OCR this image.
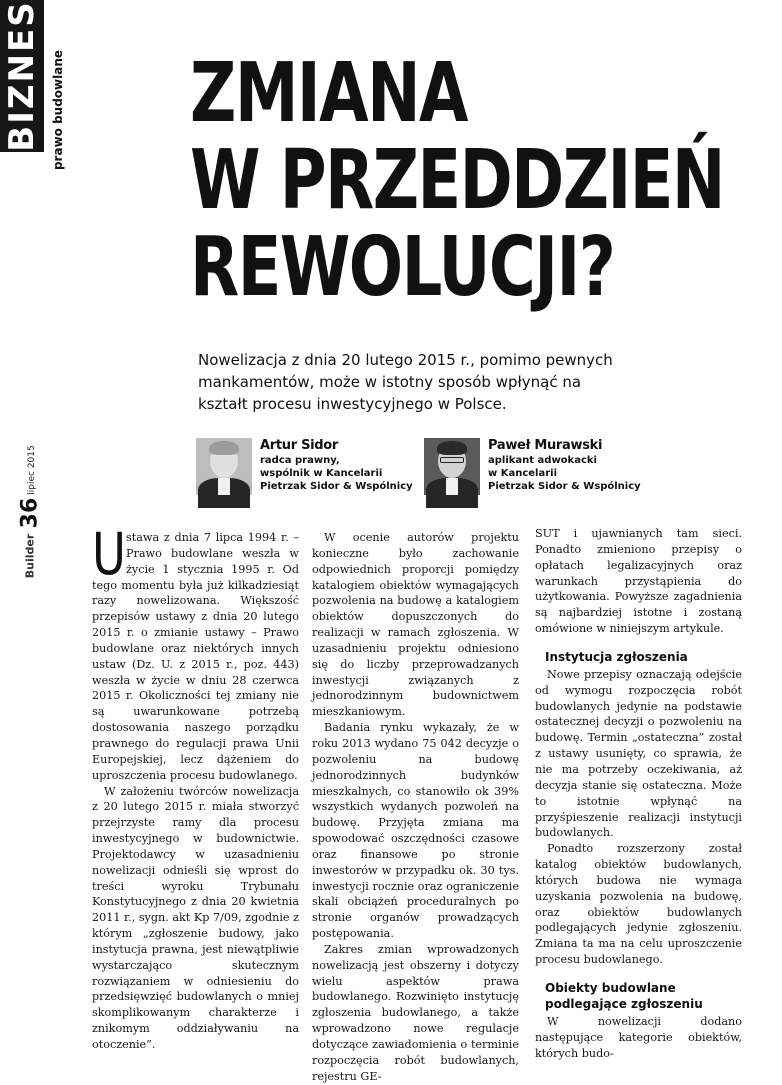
BIZNES prawo budowlane
lipiec 2015
36
Builder
ZMIANA
W PRZEDDZIEŃ
REWOLUCJI?
Nowelizacja z dnia 20 lutego 2015 r., pomimo pewnych mankamentów, może w istotny sposób wpłynąć na kształt procesu inwestycyjnego w Polsce.
Artur Sidor
radca prawny,
wspólnik w Kancelarii
Pietrzak Sidor & Wspólnicy
Paweł Murawski
aplikant adwokacki
w Kancelarii
Pietrzak Sidor & Wspólnicy

Ustawa z dnia 7 lipca 1994 r. – Prawo budowlane weszła w życie 1 stycznia 1995 r. Od tego momentu była już kilkadziesiąt razy nowelizowana. Większość przepisów ustawy z dnia 20 lutego 2015 r. o zmianie ustawy – Prawo budowlane oraz niektórych innych ustaw (Dz. U. z 2015 r., poz. 443) weszła w życie w dniu 28 czerwca 2015 r. Okoliczności tej zmiany nie są uwarunkowane potrzebą dostosowania naszego porządku prawnego do regulacji prawa Unii Europejskiej, lecz dążeniem do uproszczenia procesu budowlanego.

W założeniu twórców nowelizacja z 20 lutego 2015 r. miała stworzyć przejrzyste ramy dla procesu inwestycyjnego w budownictwie. Projektodawcy w uzasadnieniu nowelizacji odnieśli się wprost do treści wyroku Trybunału Konstytucyjnego z dnia 20 kwietnia 2011 r., sygn. akt Kp 7/09, zgodnie z którym „zgłoszenie budowy, jako instytucja prawna, jest niewątpliwie wystarczająco skutecznym rozwiązaniem w odniesieniu do przedsięwzięć budowlanych o mniej skomplikowanym charakterze i znikomym oddziaływaniu na otoczenie”.

W ocenie autorów projektu konieczne było zachowanie odpowiednich proporcji pomiędzy katalogiem obiektów wymagających pozwolenia na budowę a katalogiem obiektów dopuszczonych do realizacji w ramach zgłoszenia. W uzasadnieniu projektu odniesiono się do liczby przeprowadzanych inwestycji związanych z jednorodzinnym budownictwem mieszkaniowym.

Badania rynku wykazały, że w roku 2013 wydano 75 042 decyzje o pozwoleniu na budowę jednorodzinnych budynków mieszkalnych, co stanowiło ok 39% wszystkich wydanych pozwoleń na budowę. Przyjęta zmiana ma spowodować oszczędności czasowe oraz finansowe po stronie inwestorów w przypadku ok. 30 tys. inwestycji rocznie oraz ograniczenie skali obciążeń proceduralnych po stronie organów prowadzących postępowania.

Zakres zmian wprowadzonych nowelizacją jest obszerny i dotyczy wielu aspektów prawa budowlanego. Rozwinięto instytucję zgłoszenia budowlanego, a także wprowadzono nowe regulacje dotyczące zawiadomienia o terminie rozpoczęcia robót budowlanych, rejestru GE-

SUT i ujawnianych tam sieci. Ponadto zmieniono przepisy o opłatach legalizacyjnych oraz warunkach przystąpienia do użytkowania. Powyższe zagadnienia są najbardziej istotne i zostaną omówione w niniejszym artykule.

Instytucja zgłoszenia

Nowe przepisy oznaczają odejście od wymogu rozpoczęcia robót budowlanych jedynie na podstawie ostatecznej decyzji o pozwoleniu na budowę. Termin „ostateczna” został z ustawy usunięty, co sprawia, że nie ma potrzeby oczekiwania, aż decyzja stanie się ostateczna. Może to istotnie wpłynąć na przyśpieszenie realizacji instytucji budowlanych.

Ponadto rozszerzony został katalog obiektów budowlanych, których budowa nie wymaga uzyskania pozwolenia na budowę, oraz obiektów budowlanych podlegających jedynie zgłoszeniu. Zmiana ta ma na celu uproszczenie procesu budowlanego.

Obiekty budowlane podlegające zgłoszeniu

W nowelizacji dodano następujące kategorie obiektów, których budo-
